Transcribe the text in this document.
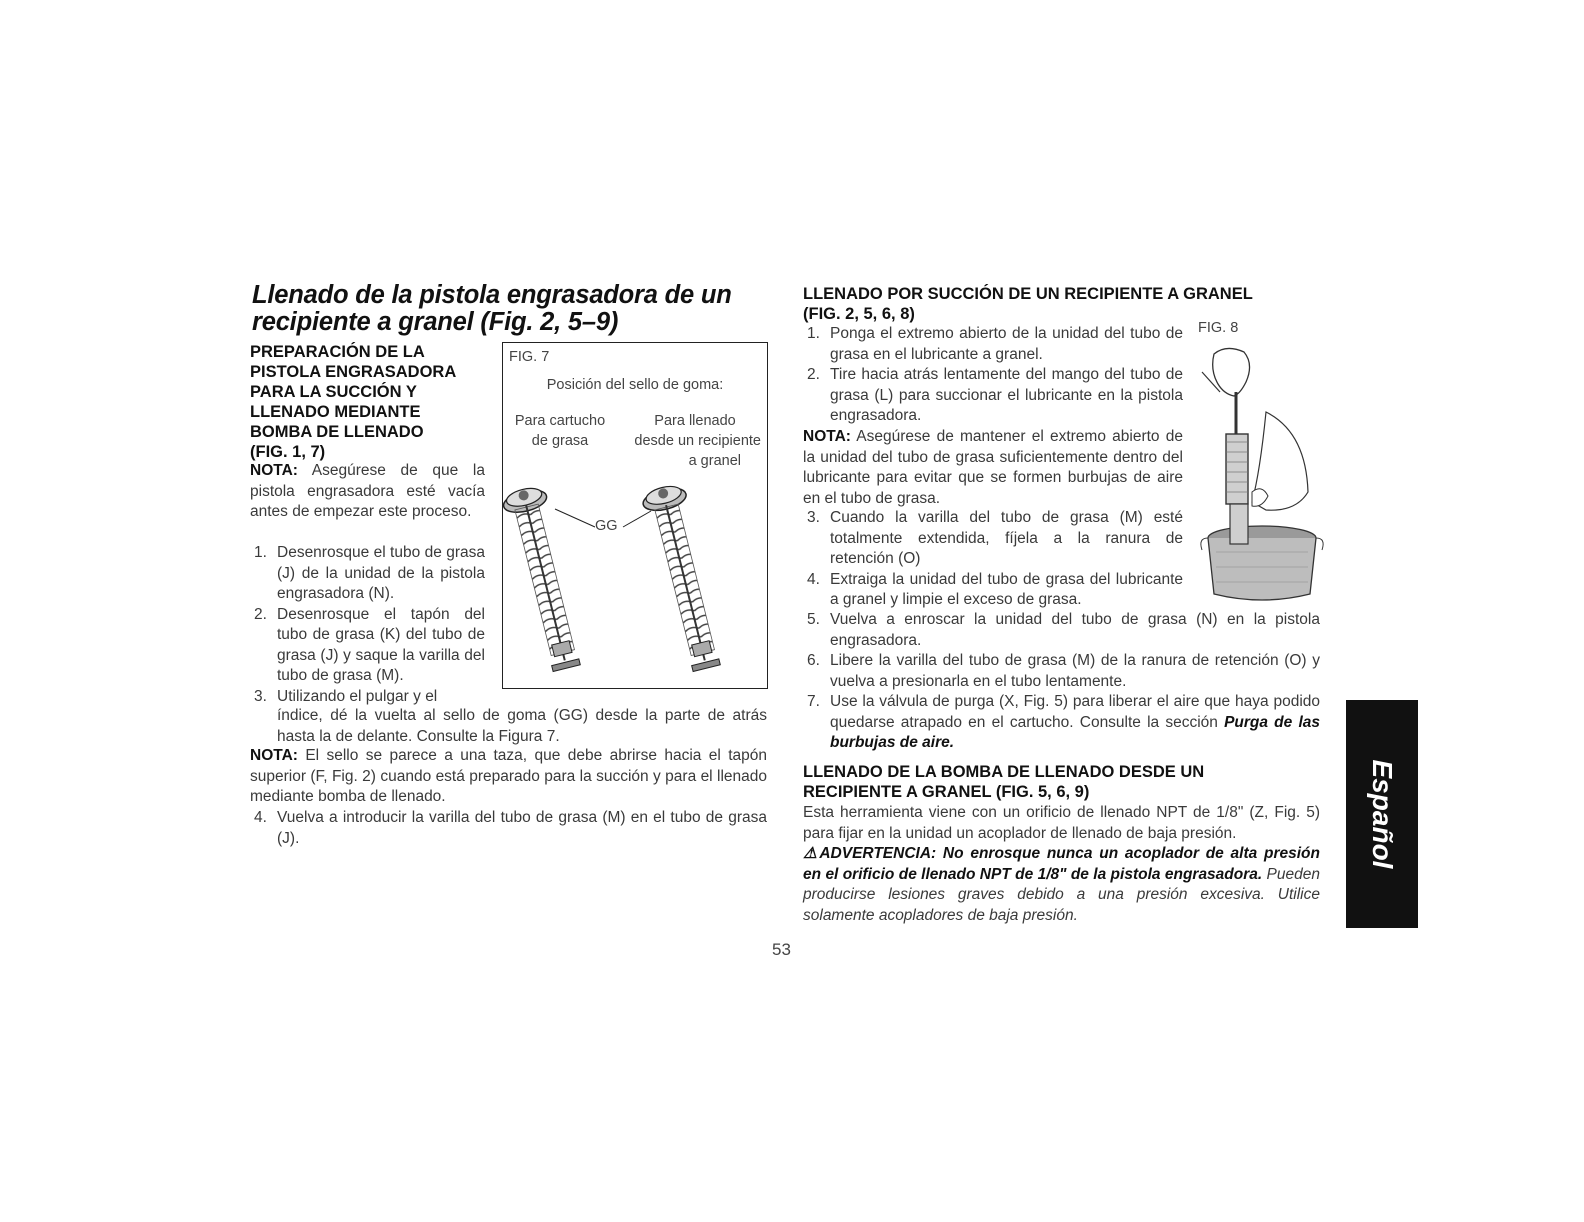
Llenado de la pistola engrasadora de un recipiente a granel (Fig. 2, 5–9)
PREPARACIÓN DE LA
PISTOLA ENGRASADORA
PARA LA SUCCIÓN Y
LLENADO MEDIANTE
BOMBA DE LLENADO
(FIG. 1, 7)
NOTA: Asegúrese de que la pistola engrasadora esté vacía antes de empezar este proceso.
1. Desenrosque el tubo de grasa (J) de la unidad de la pistola engrasadora (N).
2. Desenrosque el tapón del tubo de grasa (K) del tubo de grasa (J) y saque la varilla del tubo de grasa (M).
3. Utilizando el pulgar y el
índice, dé la vuelta al sello de goma (GG) desde la parte de atrás hasta la de delante. Consulte la Figura 7.
NOTA: El sello se parece a una taza, que debe abrirse hacia el tapón superior (F, Fig. 2) cuando está preparado para la succión y para el llenado mediante bomba de llenado.
4. Vuelva a introducir la varilla del tubo de grasa (M) en el tubo de grasa (J).
FIG. 7
Posición del sello de goma:
Para cartucho
de grasa
Para llenado
desde un recipiente
a granel
GG
LLENADO POR SUCCIÓN DE UN RECIPIENTE A GRANEL
(FIG. 2, 5, 6, 8)
1. Ponga el extremo abierto de la unidad del tubo de grasa en el lubricante a granel.
2. Tire hacia atrás lentamente del mango del tubo de grasa (L) para succionar el lubricante en la pistola engrasadora.
NOTA: Asegúrese de mantener el extremo abierto de la unidad del tubo de grasa suficientemente dentro del lubricante para evitar que se formen burbujas de aire en el tubo de grasa.
3. Cuando la varilla del tubo de grasa (M) esté totalmente extendida, fíjela a la ranura de retención (O)
4. Extraiga la unidad del tubo de grasa del lubricante a granel y limpie el exceso de grasa.
5. Vuelva a enroscar la unidad del tubo de grasa (N) en la pistola engrasadora.
6. Libere la varilla del tubo de grasa (M) de la ranura de retención (O) y vuelva a presionarla en el tubo lentamente.
7. Use la válvula de purga (X, Fig. 5) para liberar el aire que haya podido quedarse atrapado en el cartucho. Consulte la sección Purga de las burbujas de aire.
LLENADO DE LA BOMBA DE LLENADO DESDE UN
RECIPIENTE A GRANEL (FIG. 5, 6, 9)
Esta herramienta viene con un orificio de llenado NPT de 1/8" (Z, Fig. 5) para fijar en la unidad un acoplador de llenado de baja presión.
⚠ADVERTENCIA: No enrosque nunca un acoplador de alta presión en el orificio de llenado NPT de 1/8" de la pistola engrasadora. Pueden producirse lesiones graves debido a una presión excesiva. Utilice solamente acopladores de baja presión.
FIG. 8
Español
53
